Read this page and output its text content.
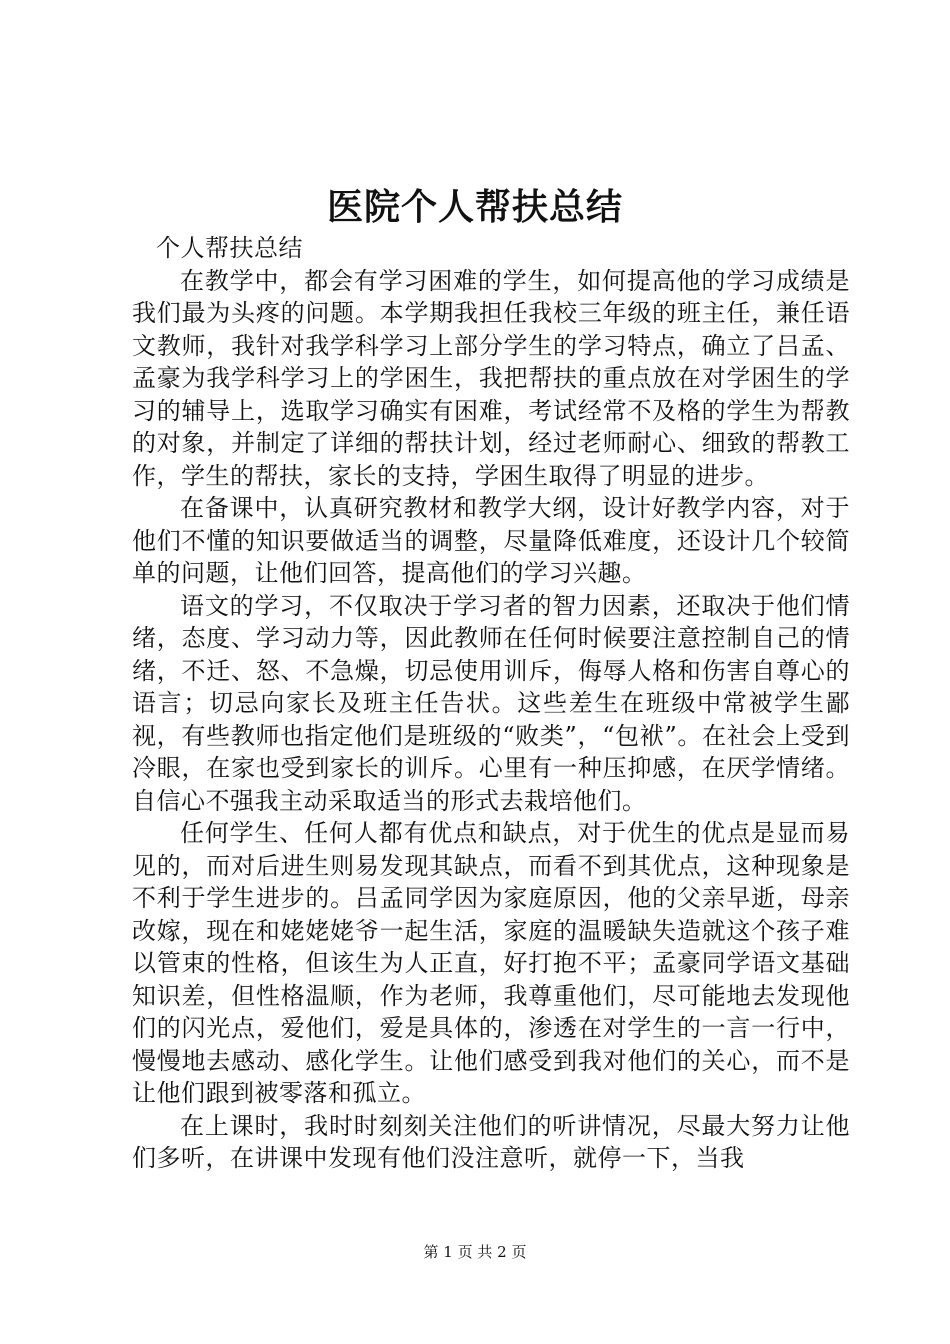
医院个人帮扶总结

个人帮扶总结

在教学中，都会有学习困难的学生，如何提高他的学习成绩是我们最为头疼的问题。本学期我担任我校三年级的班主任，兼任语文教师，我针对我学科学习上部分学生的学习特点，确立了吕孟、孟豪为我学科学习上的学困生，我把帮扶的重点放在对学困生的学习的辅导上，选取学习确实有困难，考试经常不及格的学生为帮教的对象，并制定了详细的帮扶计划，经过老师耐心、细致的帮教工作，学生的帮扶，家长的支持，学困生取得了明显的进步。

在备课中，认真研究教材和教学大纲，设计好教学内容，对于他们不懂的知识要做适当的调整，尽量降低难度，还设计几个较简单的问题，让他们回答，提高他们的学习兴趣。

语文的学习，不仅取决于学习者的智力因素，还取决于他们情绪，态度、学习动力等，因此教师在任何时候要注意控制自己的情绪，不迁、怒、不急燥，切忌使用训斥，侮辱人格和伤害自尊心的语言；切忌向家长及班主任告状。这些差生在班级中常被学生鄙视，有些教师也指定他们是班级的“败类”，“包袱”。在社会上受到冷眼，在家也受到家长的训斥。心里有一种压抑感，在厌学情绪。自信心不强我主动采取适当的形式去栽培他们。

任何学生、任何人都有优点和缺点，对于优生的优点是显而易见的，而对后进生则易发现其缺点，而看不到其优点，这种现象是不利于学生进步的。吕孟同学因为家庭原因，他的父亲早逝，母亲改嫁，现在和姥姥姥爷一起生活，家庭的温暖缺失造就这个孩子难以管束的性格，但该生为人正直，好打抱不平；孟豪同学语文基础知识差，但性格温顺，作为老师，我尊重他们，尽可能地去发现他们的闪光点，爱他们，爱是具体的，渗透在对学生的一言一行中，慢慢地去感动、感化学生。让他们感受到我对他们的关心，而不是让他们跟到被零落和孤立。

在上课时，我时时刻刻关注他们的听讲情况，尽最大努力让他们多听，在讲课中发现有他们没注意听，就停一下，当我

第 1 页 共 2 页
